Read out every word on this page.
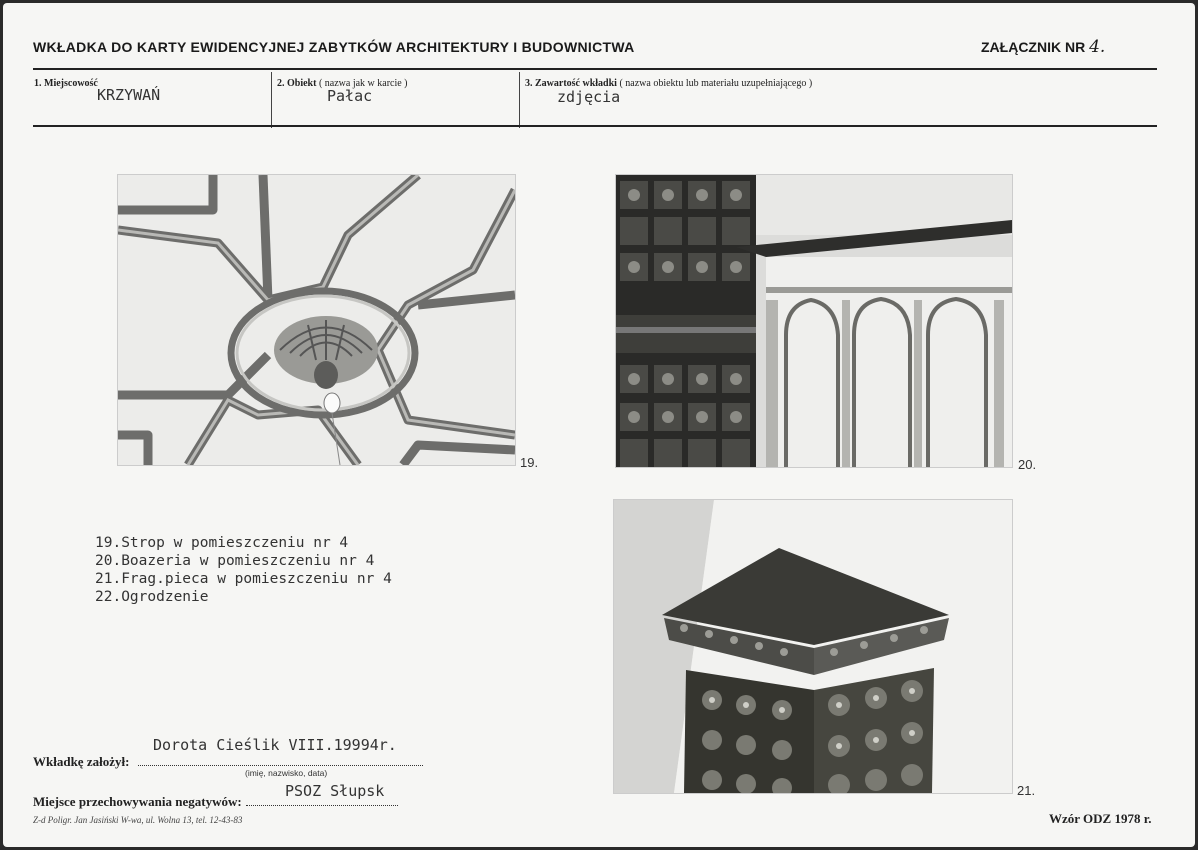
WKŁADKA DO KARTY EWIDENCYJNEJ ZABYTKÓW ARCHITEKTURY I BUDOWNICTWA	ZAŁĄCZNIK NR 4.
1. Miejscowość
KRZYWAŃ
2. Obiekt ( nazwa jak w karcie )
Pałac
3. Zawartość wkładki ( nazwa obiektu lub materiału uzupełniającego )
zdjęcia
19.	20.
21.
19.Strop w pomieszczeniu nr 4
20.Boazeria w pomieszczeniu nr 4
21.Frag.pieca w pomieszczeniu nr 4
22.Ogrodzenie
Dorota Cieślik VIII.19994r.
Wkładkę założył:
(imię, nazwisko, data)
PSOZ Słupsk
Miejsce przechowywania negatywów:
Z-d Poligr. Jan Jasiński W-wa, ul. Wolna 13, tel. 12-43-83	Wzór ODZ 1978 r.
